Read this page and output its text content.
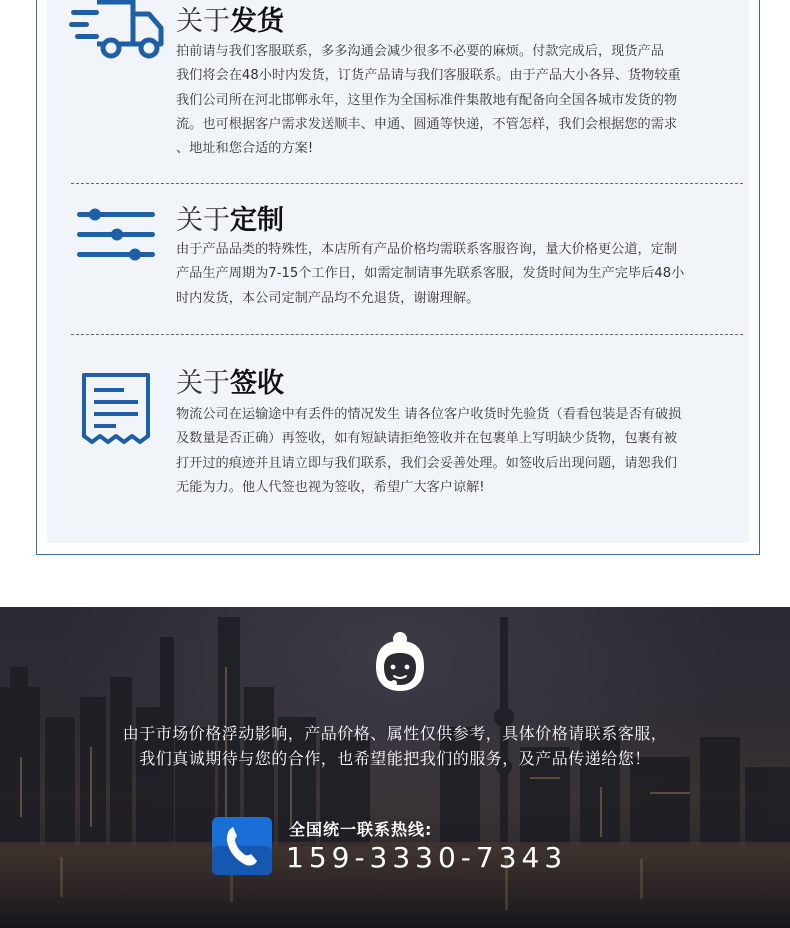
关于发货
拍前请与我们客服联系，多多沟通会减少很多不必要的麻烦。付款完成后，现货产品
我们将会在48小时内发货，订货产品请与我们客服联系。由于产品大小各异、货物较重
我们公司所在河北邯郸永年，这里作为全国标准件集散地有配备向全国各城市发货的物
流。也可根据客户需求发送顺丰、申通、圆通等快递，不管怎样，我们会根据您的需求
、地址和您合适的方案!
关于定制
由于产品品类的特殊性，本店所有产品价格均需联系客服咨询，量大价格更公道，定制
产品生产周期为7-15个工作日，如需定制请事先联系客服，发货时间为生产完毕后48小
时内发货，本公司定制产品均不允退货，谢谢理解。
关于签收
物流公司在运输途中有丢件的情况发生 请各位客户收货时先验货（看看包装是否有破损
及数量是否正确）再签收，如有短缺请拒绝签收并在包裹单上写明缺少货物，包裹有被
打开过的痕迹并且请立即与我们联系，我们会妥善处理。如签收后出现问题，请恕我们
无能为力。他人代签也视为签收，希望广大客户谅解!
由于市场价格浮动影响，产品价格、属性仅供参考，具体价格请联系客服，
我们真诚期待与您的合作，也希望能把我们的服务，及产品传递给您！
全国统一联系热线:
159-3330-7343
